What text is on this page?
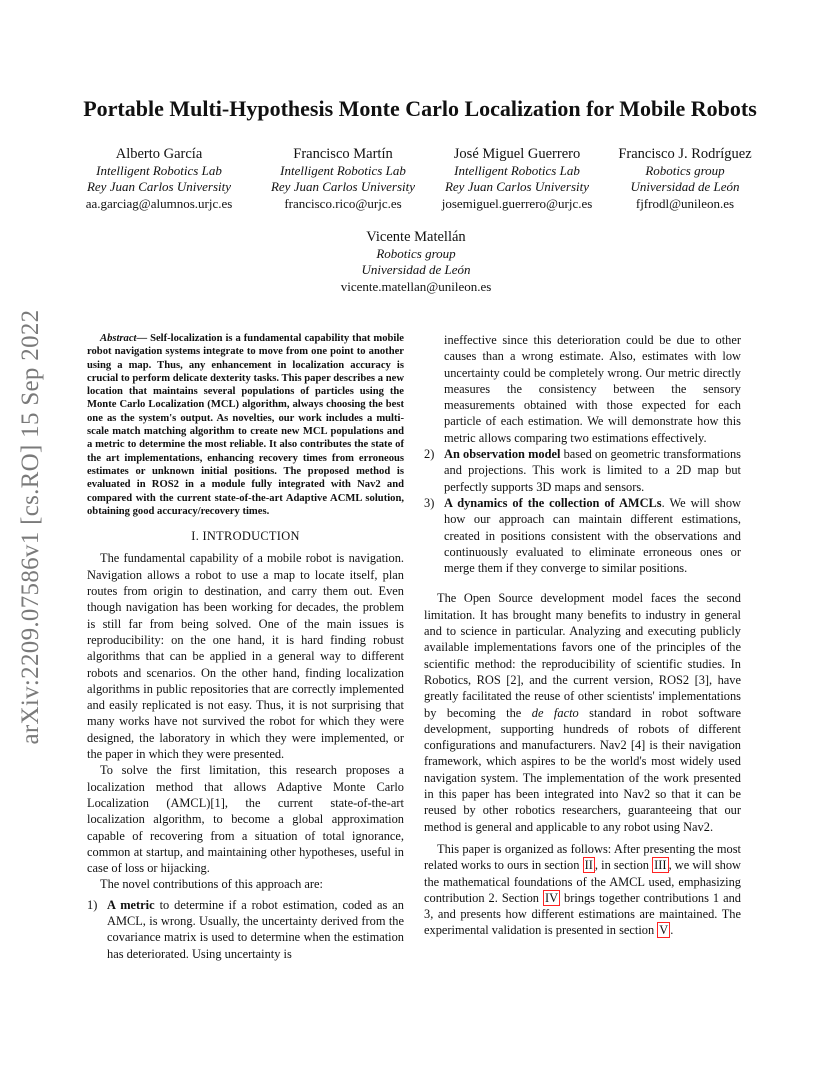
arXiv:2209.07586v1 [cs.RO] 15 Sep 2022
Portable Multi-Hypothesis Monte Carlo Localization for Mobile Robots
Alberto García
Intelligent Robotics Lab
Rey Juan Carlos University
aa.garciag@alumnos.urjc.es
Francisco Martín
Intelligent Robotics Lab
Rey Juan Carlos University
francisco.rico@urjc.es
José Miguel Guerrero
Intelligent Robotics Lab
Rey Juan Carlos University
josemiguel.guerrero@urjc.es
Francisco J. Rodríguez
Robotics group
Universidad de León
fjfrodl@unileon.es
Vicente Matellán
Robotics group
Universidad de León
vicente.matellan@unileon.es
Abstract— Self-localization is a fundamental capability that mobile robot navigation systems integrate to move from one point to another using a map. Thus, any enhancement in localization accuracy is crucial to perform delicate dexterity tasks. This paper describes a new location that maintains several populations of particles using the Monte Carlo Localization (MCL) algorithm, always choosing the best one as the system's output. As novelties, our work includes a multi-scale match matching algorithm to create new MCL populations and a metric to determine the most reliable. It also contributes the state of the art implementations, enhancing recovery times from erroneous estimates or unknown initial positions. The proposed method is evaluated in ROS2 in a module fully integrated with Nav2 and compared with the current state-of-the-art Adaptive ACML solution, obtaining good accuracy/recovery times.
I. INTRODUCTION

The fundamental capability of a mobile robot is navigation. Navigation allows a robot to use a map to locate itself, plan routes from origin to destination, and carry them out. Even though navigation has been working for decades, the problem is still far from being solved. One of the main issues is reproducibility: on the one hand, it is hard finding robust algorithms that can be applied in a general way to different robots and scenarios. On the other hand, finding localization algorithms in public repositories that are correctly implemented and easily replicated is not easy. Thus, it is not surprising that many works have not survived the robot for which they were designed, the laboratory in which they were implemented, or the paper in which they were presented.

To solve the first limitation, this research proposes a localization method that allows Adaptive Monte Carlo Localization (AMCL)[1], the current state-of-the-art localization algorithm, to become a global approximation capable of recovering from a situation of total ignorance, common at startup, and maintaining other hypotheses, useful in case of loss or hijacking.

The novel contributions of this approach are:

1) A metric to determine if a robot estimation, coded as an AMCL, is wrong. Usually, the uncertainty derived from the covariance matrix is used to determine when the estimation has deteriorated. Using uncertainty is
ineffective since this deterioration could be due to other causes than a wrong estimate. Also, estimates with low uncertainty could be completely wrong. Our metric directly measures the consistency between the sensory measurements obtained with those expected for each particle of each estimation. We will demonstrate how this metric allows comparing two estimations effectively.
2) An observation model based on geometric transformations and projections. This work is limited to a 2D map but perfectly supports 3D maps and sensors.
3) A dynamics of the collection of AMCLs. We will show how our approach can maintain different estimations, created in positions consistent with the observations and continuously evaluated to eliminate erroneous ones or merge them if they converge to similar positions.

The Open Source development model faces the second limitation. It has brought many benefits to industry in general and to science in particular. Analyzing and executing publicly available implementations favors one of the principles of the scientific method: the reproducibility of scientific studies. In Robotics, ROS [2], and the current version, ROS2 [3], have greatly facilitated the reuse of other scientists' implementations by becoming the de facto standard in robot software development, supporting hundreds of robots of different configurations and manufacturers. Nav2 [4] is their navigation framework, which aspires to be the world's most widely used navigation system. The implementation of the work presented in this paper has been integrated into Nav2 so that it can be reused by other robotics researchers, guaranteeing that our method is general and applicable to any robot using Nav2.

This paper is organized as follows: After presenting the most related works to ours in section II , in section III , we will show the mathematical foundations of the AMCL used, emphasizing contribution 2. Section IV brings together contributions 1 and 3, and presents how different estimations are maintained. The experimental validation is presented in section V .
